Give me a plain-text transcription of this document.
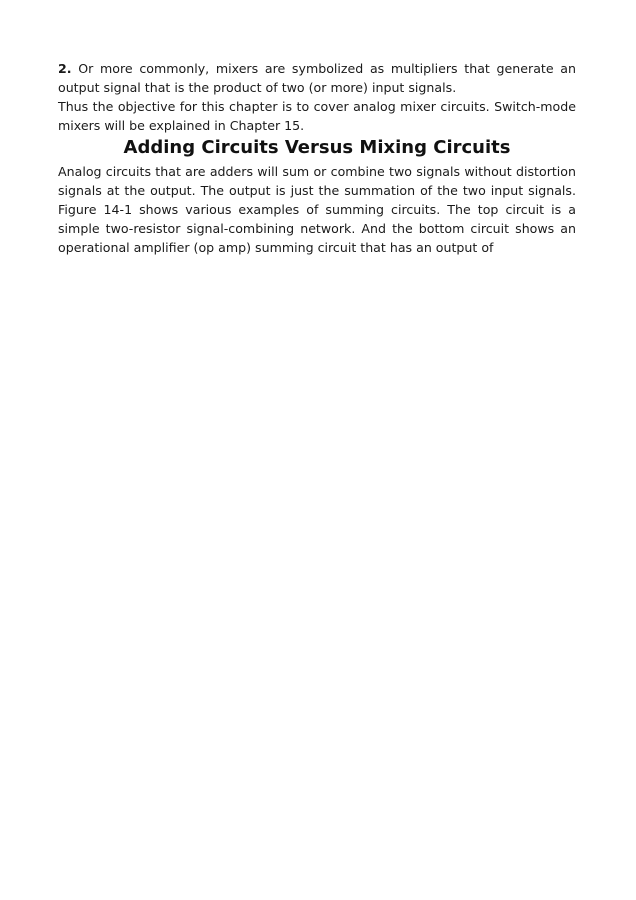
2. Or more commonly, mixers are symbolized as multipliers that generate an output signal that is the product of two (or more) input signals.

Thus the objective for this chapter is to cover analog mixer circuits. Switch-mode mixers will be explained in Chapter 15.

Adding Circuits Versus Mixing Circuits

Analog circuits that are adders will sum or combine two signals without distortion signals at the output. The output is just the summation of the two input signals. Figure 14-1 shows various examples of summing circuits. The top circuit is a simple two-resistor signal-combining network. And the bottom circuit shows an operational amplifier (op amp) summing circuit that has an output of
